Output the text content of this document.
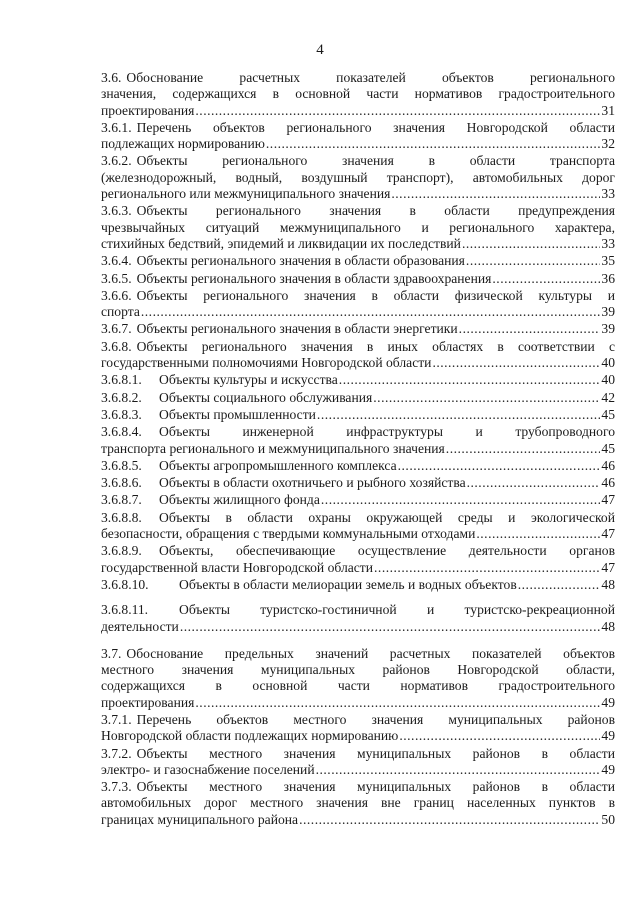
4
3.6. Обоснование расчетных показателей объектов регионального
значения, содержащихся в основной части нормативов градостроительного
проектирования .....	31
3.6.1. Перечень объектов регионального значения Новгородской области
подлежащих нормированию .....	32
3.6.2. Объекты регионального значения в области транспорта
(железнодорожный, водный, воздушный транспорт), автомобильных дорог
регионального или межмуниципального значения .....	33
3.6.3. Объекты регионального значения в области предупреждения
чрезвычайных ситуаций межмуниципального и регионального характера,
стихийных бедствий, эпидемий и ликвидации их последствий .....	33
3.6.4. Объекты регионального значения в области образования .....	35
3.6.5. Объекты регионального значения в области здравоохранения .....	36
3.6.6. Объекты регионального значения в области физической культуры и
спорта .....	39
3.6.7. Объекты регионального значения в области энергетики .....	39
3.6.8. Объекты регионального значения в иных областях в соответствии с
государственными полномочиями Новгородской области .....	40
3.6.8.1. Объекты культуры и искусства .....	40
3.6.8.2. Объекты социального обслуживания .....	42
3.6.8.3. Объекты промышленности .....	45
3.6.8.4. Объекты инженерной инфраструктуры и трубопроводного
транспорта регионального и межмуниципального значения .....	45
3.6.8.5. Объекты агропромышленного комплекса .....	46
3.6.8.6. Объекты в области охотничьего и рыбного хозяйства .....	46
3.6.8.7. Объекты жилищного фонда .....	47
3.6.8.8. Объекты в области охраны окружающей среды и экологической
безопасности, обращения с твердыми коммунальными отходами .....	47
3.6.8.9. Объекты, обеспечивающие осуществление деятельности органов
государственной власти Новгородской области .....	47
3.6.8.10. Объекты в области мелиорации земель и водных объектов .....	48
3.6.8.11. Объекты туристско-гостиничной и туристско-рекреационной
деятельности .....	48
3.7. Обоснование предельных значений расчетных показателей объектов
местного значения муниципальных районов Новгородской области,
содержащихся в основной части нормативов градостроительного
проектирования .....	49
3.7.1. Перечень объектов местного значения муниципальных районов
Новгородской области подлежащих нормированию .....	49
3.7.2. Объекты местного значения муниципальных районов в области
электро- и газоснабжение поселений .....	49
3.7.3. Объекты местного значения муниципальных районов в области
автомобильных дорог местного значения вне границ населенных пунктов в
границах муниципального района .....	50
